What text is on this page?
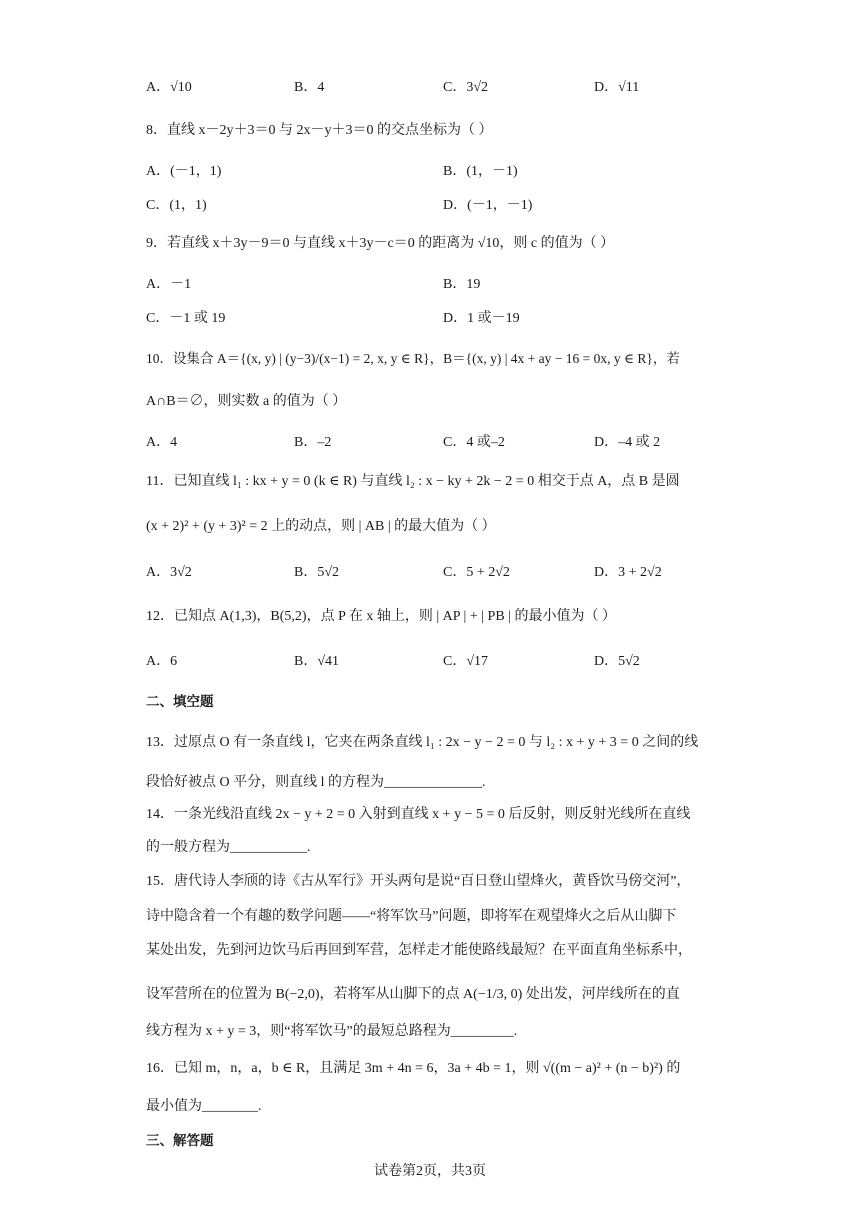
A．√10	B．4	C．3√2	D．√11
8．直线 x－2y＋3＝0 与 2x－y＋3＝0 的交点坐标为（ ）
A．(－1，1)	B．(1，－1)
C．(1，1)	D．(－1，－1)
9．若直线 x＋3y－9＝0 与直线 x＋3y－c＝0 的距离为 √10，则 c 的值为（ ）
A．－1	B．19
C．－1 或 19	D．1 或－19
10．设集合 A＝{(x, y) | (y−3)/(x−1) = 2, x, y ∈ R}，B＝{(x, y) | 4x + ay − 16 = 0x, y ∈ R}，若
A∩B＝∅，则实数 a 的值为（ ）
A．4	B．–2	C．4 或–2	D．–4 或 2
11．已知直线 l₁ : kx + y = 0 (k ∈ R) 与直线 l₂ : x − ky + 2k − 2 = 0 相交于点 A，点 B 是圆
(x + 2)² + (y + 3)² = 2 上的动点，则 | AB | 的最大值为（ ）
A．3√2	B．5√2	C．5 + 2√2	D．3 + 2√2
12．已知点 A(1,3)，B(5,2)，点 P 在 x 轴上，则 | AP | + | PB | 的最小值为（ ）
A．6	B．√41	C．√17	D．5√2
二、填空题
13．过原点 O 有一条直线 l，它夹在两条直线 l₁ : 2x − y − 2 = 0 与 l₂ : x + y + 3 = 0 之间的线
段恰好被点 O 平分，则直线 l 的方程为______________.
14．一条光线沿直线 2x − y + 2 = 0 入射到直线 x + y − 5 = 0 后反射，则反射光线所在直线
的一般方程为___________.
15．唐代诗人李颀的诗《古从军行》开头两句是说“百日登山望烽火，黄昏饮马傍交河”，
诗中隐含着一个有趣的数学问题——“将军饮马”问题，即将军在观望烽火之后从山脚下
某处出发，先到河边饮马后再回到军营，怎样走才能使路线最短？在平面直角坐标系中，
设军营所在的位置为 B(−2,0)，若将军从山脚下的点 A(−1/3, 0) 处出发，河岸线所在的直
线方程为 x + y = 3，则“将军饮马”的最短总路程为_________.
16．已知 m，n，a，b ∈ R，且满足 3m + 4n = 6，3a + 4b = 1，则 √((m − a)² + (n − b)²) 的
最小值为________.
三、解答题
试卷第2页，共3页
